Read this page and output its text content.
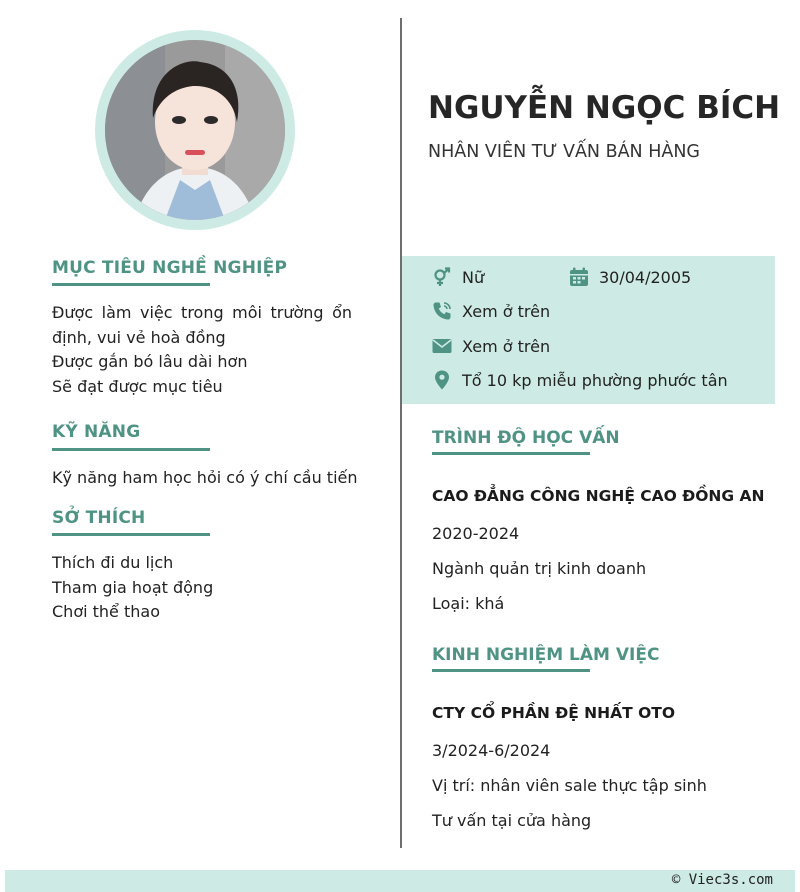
MỤC TIÊU NGHỀ NGHIỆP
Được làm việc trong môi trường ổn định, vui vẻ hoà đồng
Được gắn bó lâu dài hơn
Sẽ đạt được mục tiêu
KỸ NĂNG
Kỹ năng ham học hỏi có ý chí cầu tiến
SỞ THÍCH
Thích đi du lịch
Tham gia hoạt động
Chơi thể thao
NGUYỄN NGỌC BÍCH
NHÂN VIÊN TƯ VẤN BÁN HÀNG
Nữ	30/04/2005
Xem ở trên
Xem ở trên
Tổ 10 kp miễu phường phước tân
TRÌNH ĐỘ HỌC VẤN
CAO ĐẲNG CÔNG NGHỆ CAO ĐỒNG AN
2020-2024
Ngành quản trị kinh doanh
Loại: khá
KINH NGHIỆM LÀM VIỆC
CTY CỔ PHẦN ĐỆ NHẤT OTO
3/2024-6/2024
Vị trí: nhân viên sale thực tập sinh
Tư vấn tại cửa hàng
© Viec3s.com
